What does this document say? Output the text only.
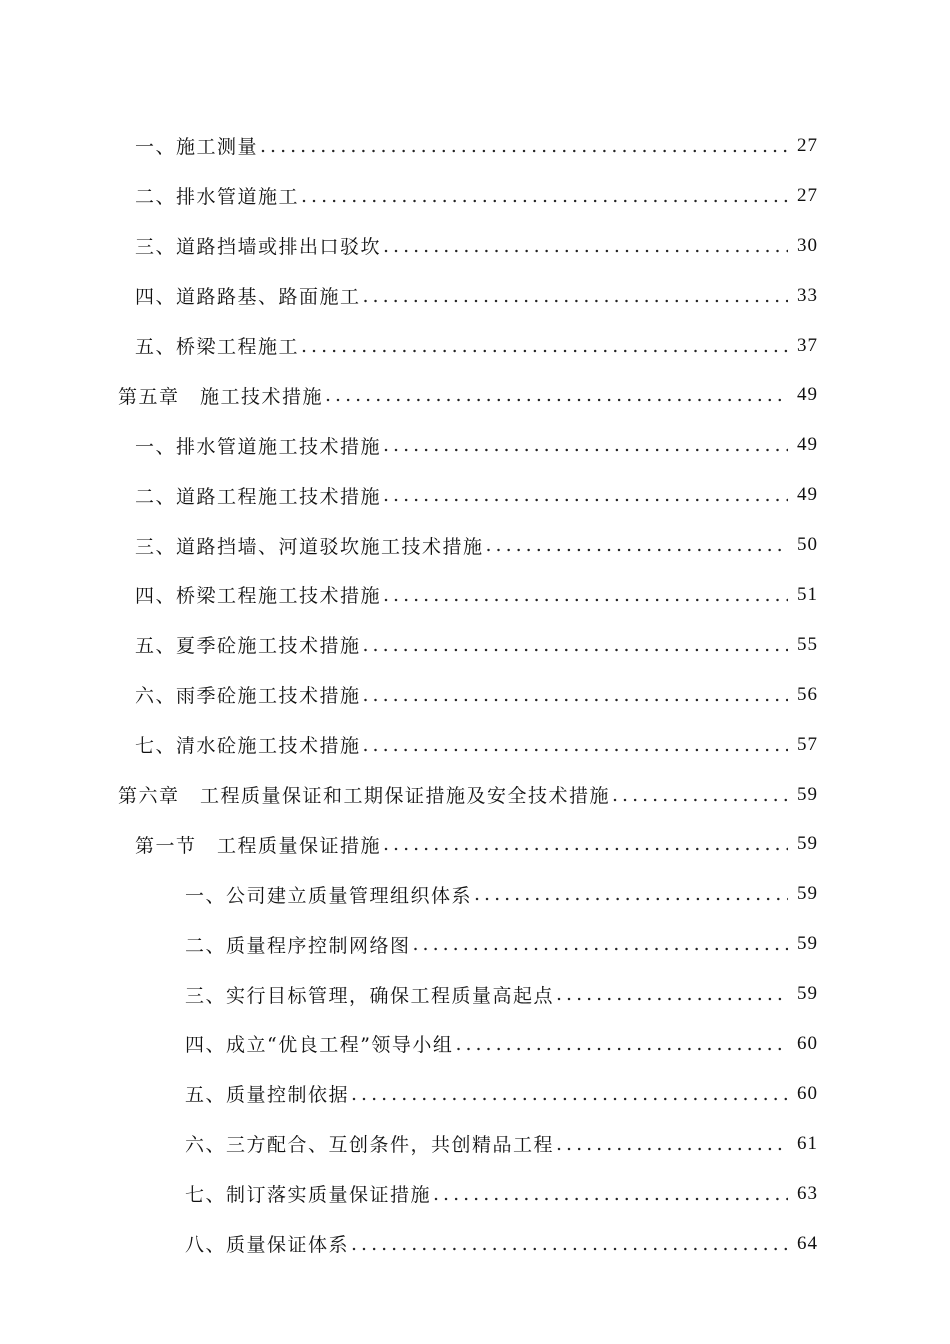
一、施工测量 .....	27
二、排水管道施工 .....	27
三、道路挡墙或排出口驳坎 .....	30
四、道路路基、路面施工 .....	33
五、桥梁工程施工 .....	37
第五章　施工技术措施 .....	49
一、排水管道施工技术措施 .....	49
二、道路工程施工技术措施 .....	49
三、道路挡墙、河道驳坎施工技术措施 .....	50
四、桥梁工程施工技术措施 .....	51
五、夏季砼施工技术措施 .....	55
六、雨季砼施工技术措施 .....	56
七、清水砼施工技术措施 .....	57
第六章　工程质量保证和工期保证措施及安全技术措施 .....	59
第一节　工程质量保证措施 .....	59
一、公司建立质量管理组织体系 .....	59
二、质量程序控制网络图 .....	59
三、实行目标管理，确保工程质量高起点 .....	59
四、成立“优良工程”领导小组 .....	60
五、质量控制依据 .....	60
六、三方配合、互创条件，共创精品工程 .....	61
七、制订落实质量保证措施 .....	63
八、质量保证体系 .....	64
